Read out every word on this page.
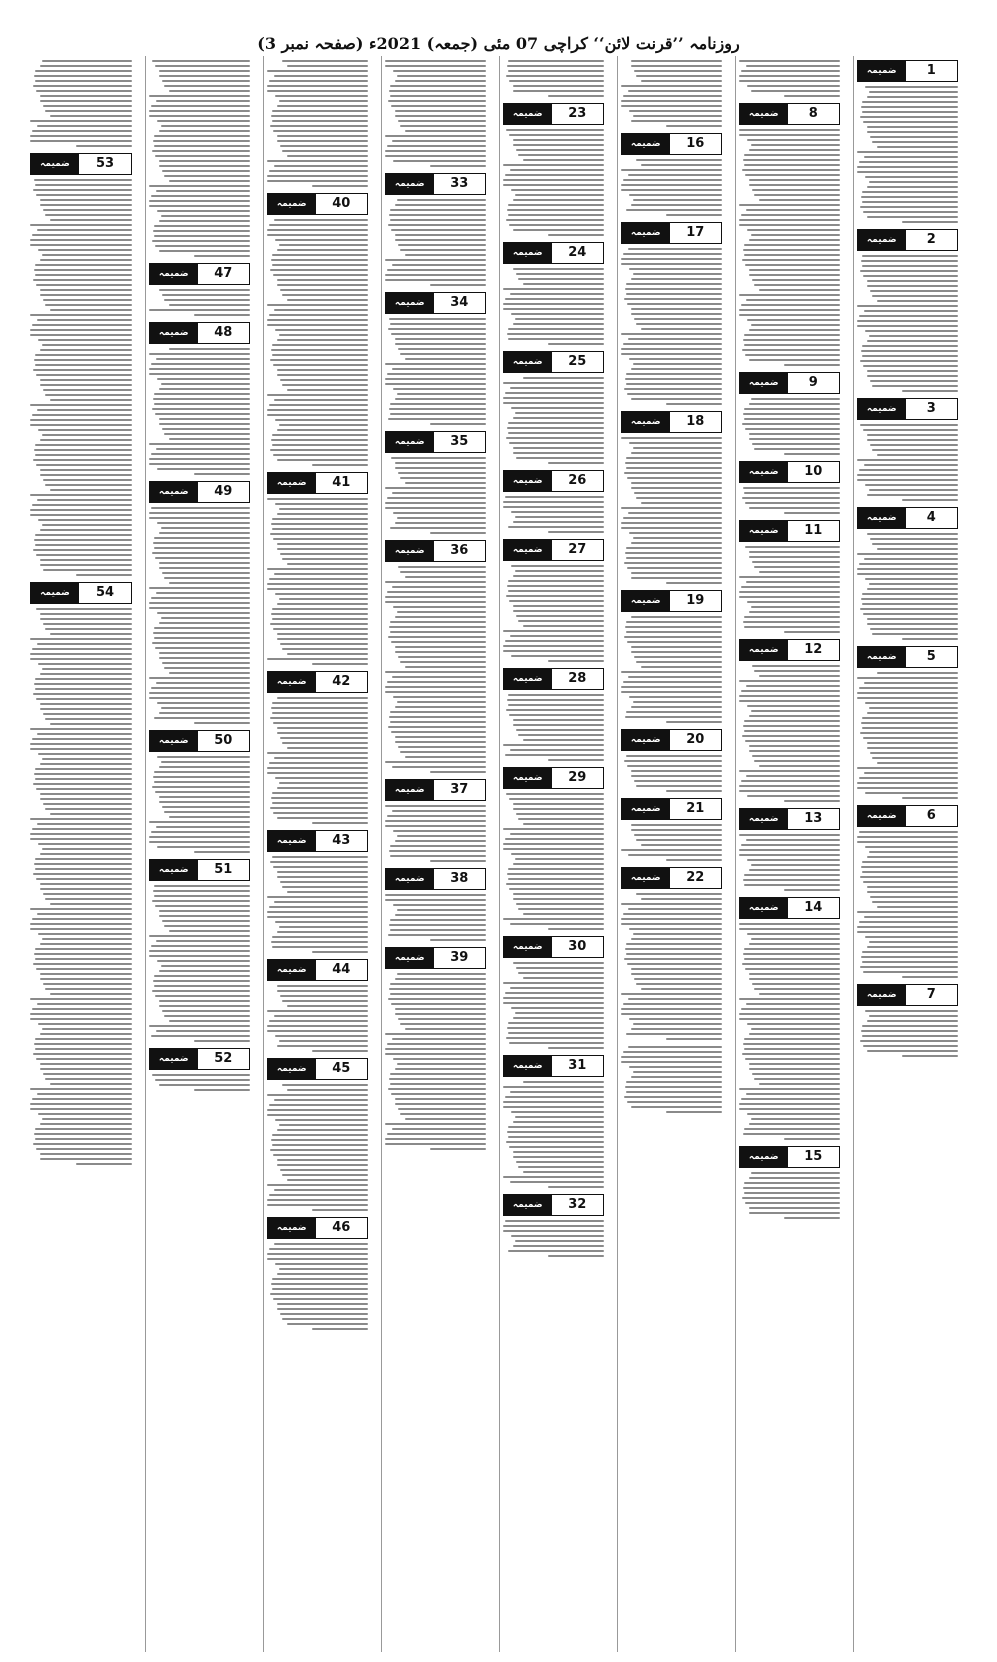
روزنامہ ’’قرنت لائن‘‘ کراچی 07 مئی (جمعہ) 2021ء (صفحہ نمبر 3)
ضمیمہ	1
ضمیمہ	2
ضمیمہ	3
ضمیمہ	4
ضمیمہ	5
ضمیمہ	6
ضمیمہ	7
ضمیمہ	8
ضمیمہ	9
ضمیمہ	10
ضمیمہ	11
ضمیمہ	12
ضمیمہ	13
ضمیمہ	14
ضمیمہ	15
ضمیمہ	16
ضمیمہ	17
ضمیمہ	18
ضمیمہ	19
ضمیمہ	20
ضمیمہ	21
ضمیمہ	22
ضمیمہ	23
ضمیمہ	24
ضمیمہ	25
ضمیمہ	26
ضمیمہ	27
ضمیمہ	28
ضمیمہ	29
ضمیمہ	30
ضمیمہ	31
ضمیمہ	32
ضمیمہ	33
ضمیمہ	34
ضمیمہ	35
ضمیمہ	36
ضمیمہ	37
ضمیمہ	38
ضمیمہ	39
ضمیمہ	40
ضمیمہ	41
ضمیمہ	42
ضمیمہ	43
ضمیمہ	44
ضمیمہ	45
ضمیمہ	46
ضمیمہ	47
ضمیمہ	48
ضمیمہ	49
ضمیمہ	50
ضمیمہ	51
ضمیمہ	52
ضمیمہ	53
ضمیمہ	54
